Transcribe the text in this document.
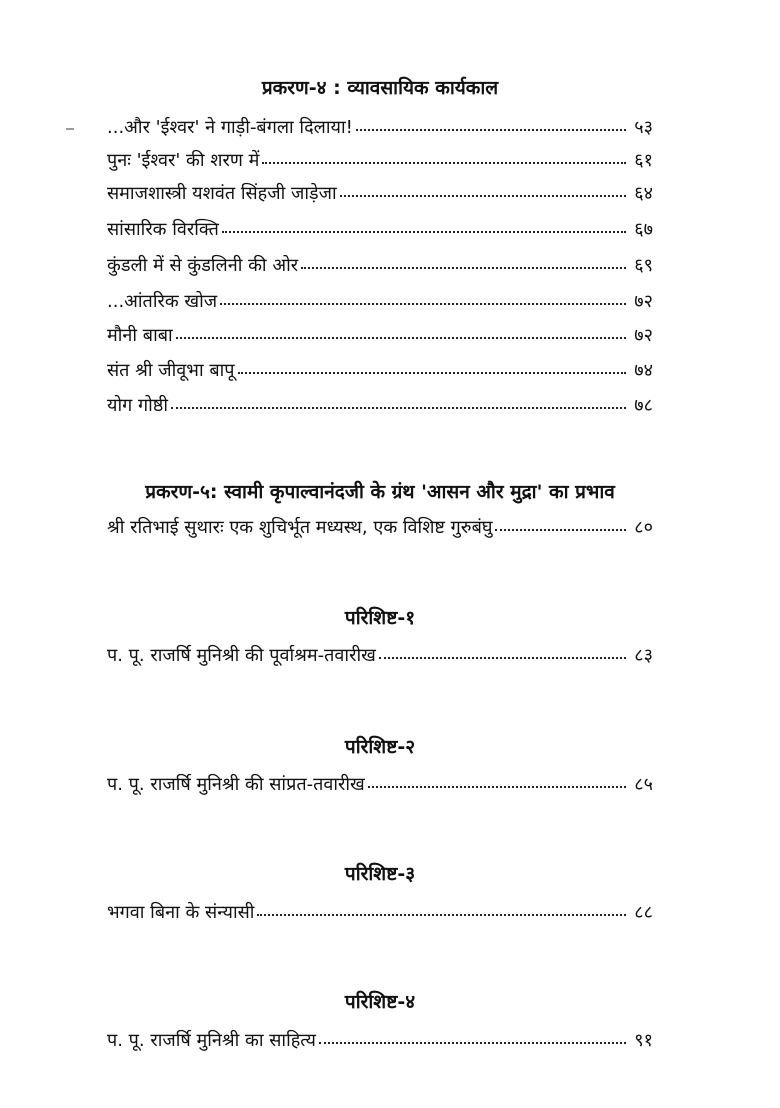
प्रकरण-४ : व्यावसायिक कार्यकाल
...और 'ईश्वर' ने गाड़ी-बंगला दिलाया!	५३
पुनः 'ईश्वर' की शरण में	६१
समाजशास्त्री यशवंत सिंहजी जाड़ेजा	६४
सांसारिक विरक्ति	६७
कुंडली में से कुंडलिनी की ओर	६९
...आंतरिक खोज	७२
मौनी बाबा	७२
संत श्री जीवूभा बापू	७४
योग गोष्ठी	७८
प्रकरण-५: स्वामी कृपाल्वानंदजी के ग्रंथ 'आसन और मुद्रा' का प्रभाव
श्री रतिभाई सुथारः एक शुचिर्भूत मध्यस्थ, एक विशिष्ट गुरुबंघु	८०
परिशिष्ट-१
प. पू. राजर्षि मुनिश्री की पूर्वाश्रम-तवारीख	८३
परिशिष्ट-२
प. पू. राजर्षि मुनिश्री की सांप्रत-तवारीख	८५
परिशिष्ट-३
भगवा बिना के संन्यासी	८८
परिशिष्ट-४
प. पू. राजर्षि मुनिश्री का साहित्य	९१
